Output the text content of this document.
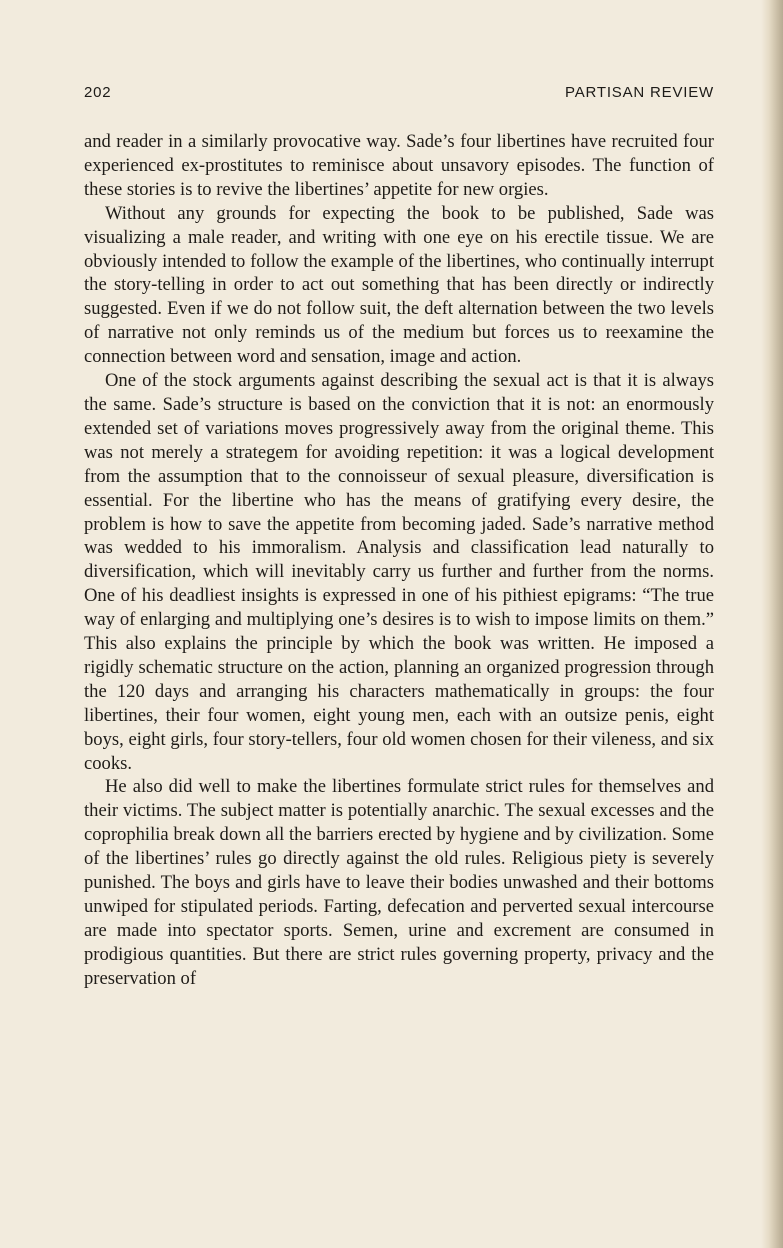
202	PARTISAN REVIEW

and reader in a similarly provocative way. Sade’s four libertines have recruited four experienced ex-prostitutes to reminisce about unsavory episodes. The function of these stories is to revive the libertines’ appetite for new orgies.

Without any grounds for expecting the book to be published, Sade was visualizing a male reader, and writing with one eye on his erectile tissue. We are obviously intended to follow the example of the libertines, who continually interrupt the story-telling in order to act out something that has been directly or indirectly suggested. Even if we do not follow suit, the deft alternation between the two levels of narrative not only reminds us of the medium but forces us to reexamine the connection between word and sensation, image and action.

One of the stock arguments against describing the sexual act is that it is always the same. Sade’s structure is based on the conviction that it is not: an enormously extended set of variations moves progressively away from the original theme. This was not merely a strategem for avoiding repetition: it was a logical development from the assumption that to the connoisseur of sexual pleasure, diversification is essential. For the libertine who has the means of gratifying every desire, the problem is how to save the appetite from becoming jaded. Sade’s narrative method was wedded to his immoralism. Analysis and classification lead naturally to diversification, which will inevitably carry us further and further from the norms. One of his deadliest insights is expressed in one of his pithiest epigrams: “The true way of enlarging and multiplying one’s desires is to wish to impose limits on them.” This also explains the principle by which the book was written. He imposed a rigidly schematic structure on the action, planning an organized progression through the 120 days and arranging his characters mathematically in groups: the four libertines, their four women, eight young men, each with an outsize penis, eight boys, eight girls, four story-tellers, four old women chosen for their vileness, and six cooks.

He also did well to make the libertines formulate strict rules for themselves and their victims. The subject matter is potentially anarchic. The sexual excesses and the coprophilia break down all the barriers erected by hygiene and by civilization. Some of the libertines’ rules go directly against the old rules. Religious piety is severely punished. The boys and girls have to leave their bodies unwashed and their bottoms unwiped for stipulated periods. Farting, defecation and perverted sexual intercourse are made into spectator sports. Semen, urine and excrement are consumed in prodigious quantities. But there are strict rules governing property, privacy and the preservation of
